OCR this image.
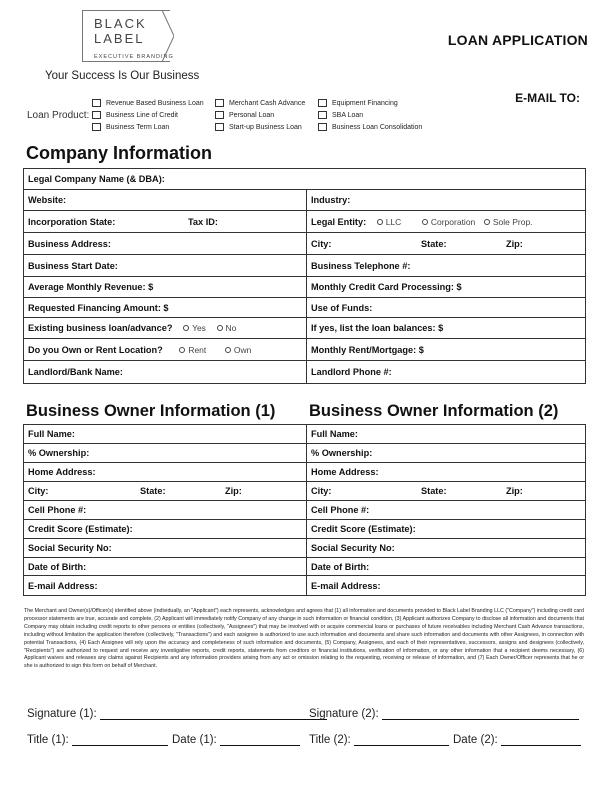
BLACK
LABEL
EXECUTIVE BRANDING
Your Success Is Our Business
LOAN APPLICATION
E-MAIL TO:
Loan Product:
Revenue Based Business Loan
Business Line of Credit
Business Term Loan
Merchant Cash Advance
Personal Loan
Start-up Business Loan
Equipment Financing
SBA Loan
Business Loan Consolidation
Company Information
Legal Company Name (& DBA):	
Website:	Industry:
Incorporation State: Tax ID:	Legal Entity: LLC
Corporation
Sole Prop.

Business Address:	City: State: Zip:
Business Start Date:	Business Telephone #:
Average Monthly Revenue: $	Monthly Credit Card Processing: $
Requested Financing Amount: $	Use of Funds:
Existing business loan/advance? Yes
No	If yes, list the loan balances: $
Do you Own or Rent Location? Rent
Own	Monthly Rent/Mortgage: $
Landlord/Bank Name:	Landlord Phone #:
Business Owner Information (1) Business Owner Information (2)
Full Name:	Full Name:
% Ownership:	% Ownership:
Home Address:	Home Address:
City: State: Zip:	City: State: Zip:
Cell Phone #:	Cell Phone #:
Credit Score (Estimate):	Credit Score (Estimate):
Social Security No:	Social Security No:
Date of Birth:	Date of Birth:
E-mail Address:	E-mail Address:
The Merchant and Owner(s)/Officer(s) identified above (individually, an "Applicant") each represents, acknowledges and agrees that (1) all information and documents provided to Black Label Branding LLC ("Company") including credit card processor statements are true, accurate and complete, (2) Applicant will immediately notify Company of any change in such information or financial condition, (3) Applicant authorizes Company to disclose all information and documents that Company may obtain including credit reports to other persons or entities (collectively, "Assignees") that may be involved with or acquire commercial loans or purchases of future receivables including Merchant Cash Advance transactions, including without limitation the application therefore (collectively, "Transactions") and each assignee is authorized to use such information and documents and share such information and documents with other Assignees, in connection with potential Transactions, (4) Each Assignee will rely upon the accuracy and completeness of such information and documents, (5) Company, Assignees, and each of their representatives, successors, assigns and designees (collectively, "Recipients") are authorized to request and receive any investigative reports, credit reports, statements from creditors or financial institutions, verification of information, or any other information that a recipient deems necessary, (6) Applicant waives and releases any claims against Recipients and any information providers arising from any act or omission relating to the requesting, receiving or release of information, and (7) Each Owner/Officer represents that he or she is authorized to sign this form on behalf of Merchant.
Signature (1):	Signature (2):
Title (1):	Date (1):	Title (2):	Date (2):
